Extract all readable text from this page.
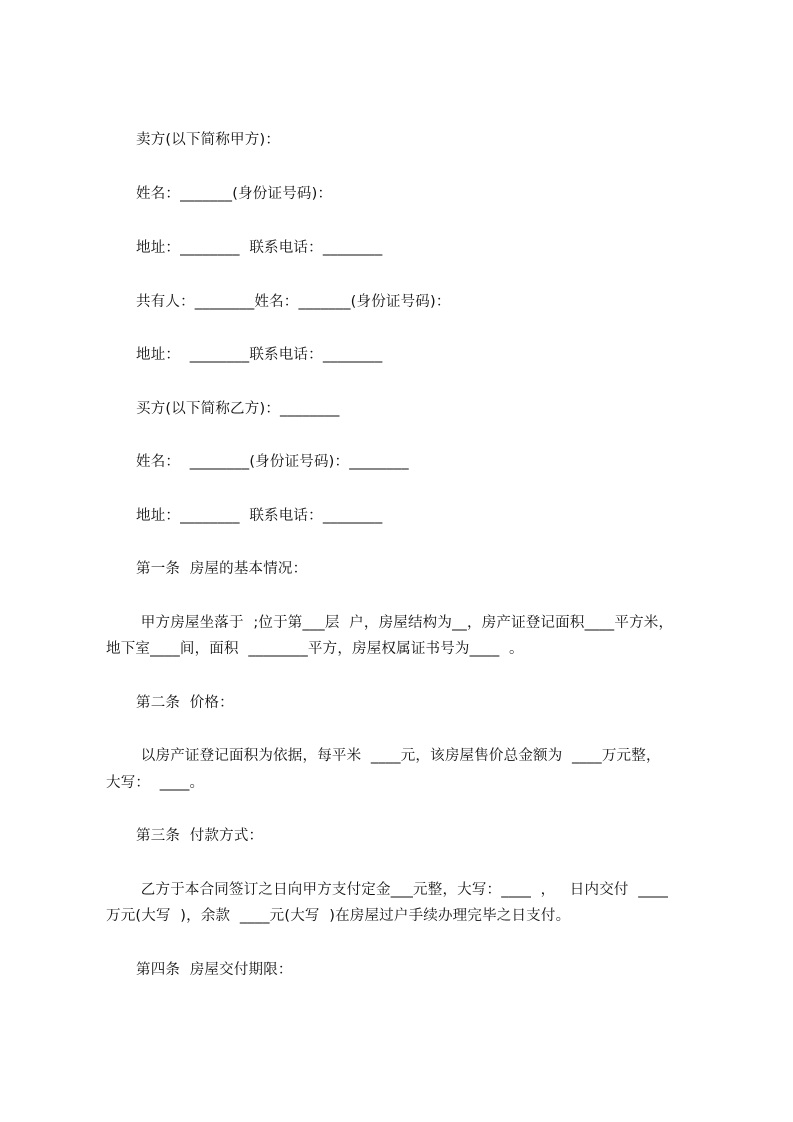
卖方(以下简称甲方)：
姓名：_______(身份证号码)：
地址：________  联系电话：________
共有人：________姓名：_______(身份证号码)：
地址：  ________联系电话：________
买方(以下简称乙方)：________
姓名：  ________(身份证号码)：________
地址：________  联系电话：________
第一条  房屋的基本情况：
甲方房屋坐落于  ;位于第___层  户，房屋结构为__，房产证登记面积____平方米，
地下室____间，面积  ________平方，房屋权属证书号为____  。
第二条  价格：
以房产证登记面积为依据，每平米  ____元，该房屋售价总金额为  ____万元整，
大写：  ____。
第三条  付款方式：
乙方于本合同签订之日向甲方支付定金___元整，大写：____  ，   日内交付  ____
万元(大写  )，余款  ____元(大写  )在房屋过户手续办理完毕之日支付。
第四条  房屋交付期限：
